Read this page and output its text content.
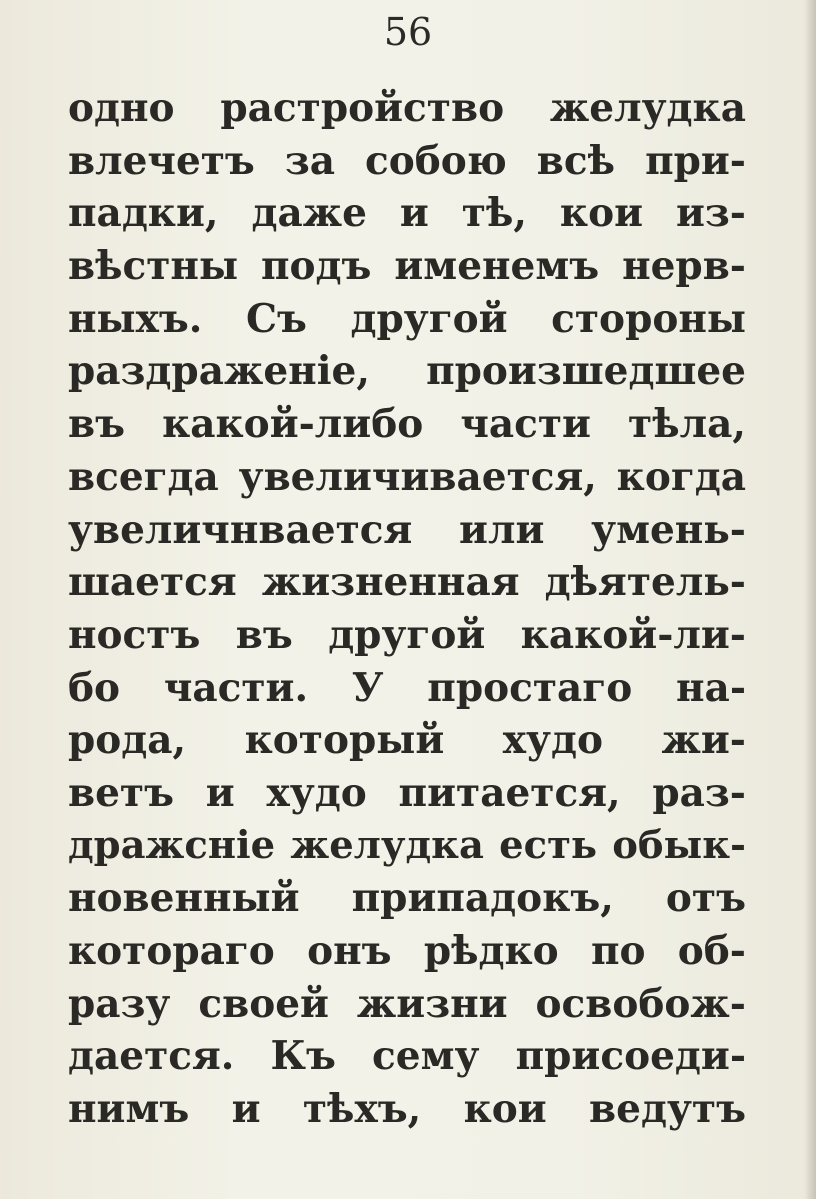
56
одно растройство желудка
влечетъ за собою всѣ при-
падки, даже и тѣ, кои из-
вѣстны подъ именемъ нерв-
ныхъ. Съ другой стороны
раздраженіе, произшедшее
въ какой-либо части тѣла,
всегда увеличивается, когда
увеличнвается или умень-
шается жизненная дѣятель-
ностъ въ другой какой-ли-
бо части. У простаго на-
рода, который худо жи-
ветъ и худо питается, раз-
дражсніе желудка есть обык-
новенный припадокъ, отъ
котораго онъ рѣдко по об-
разу своей жизни освобож-
дается. Къ сему присоеди-
нимъ и тѣхъ, кои ведутъ
